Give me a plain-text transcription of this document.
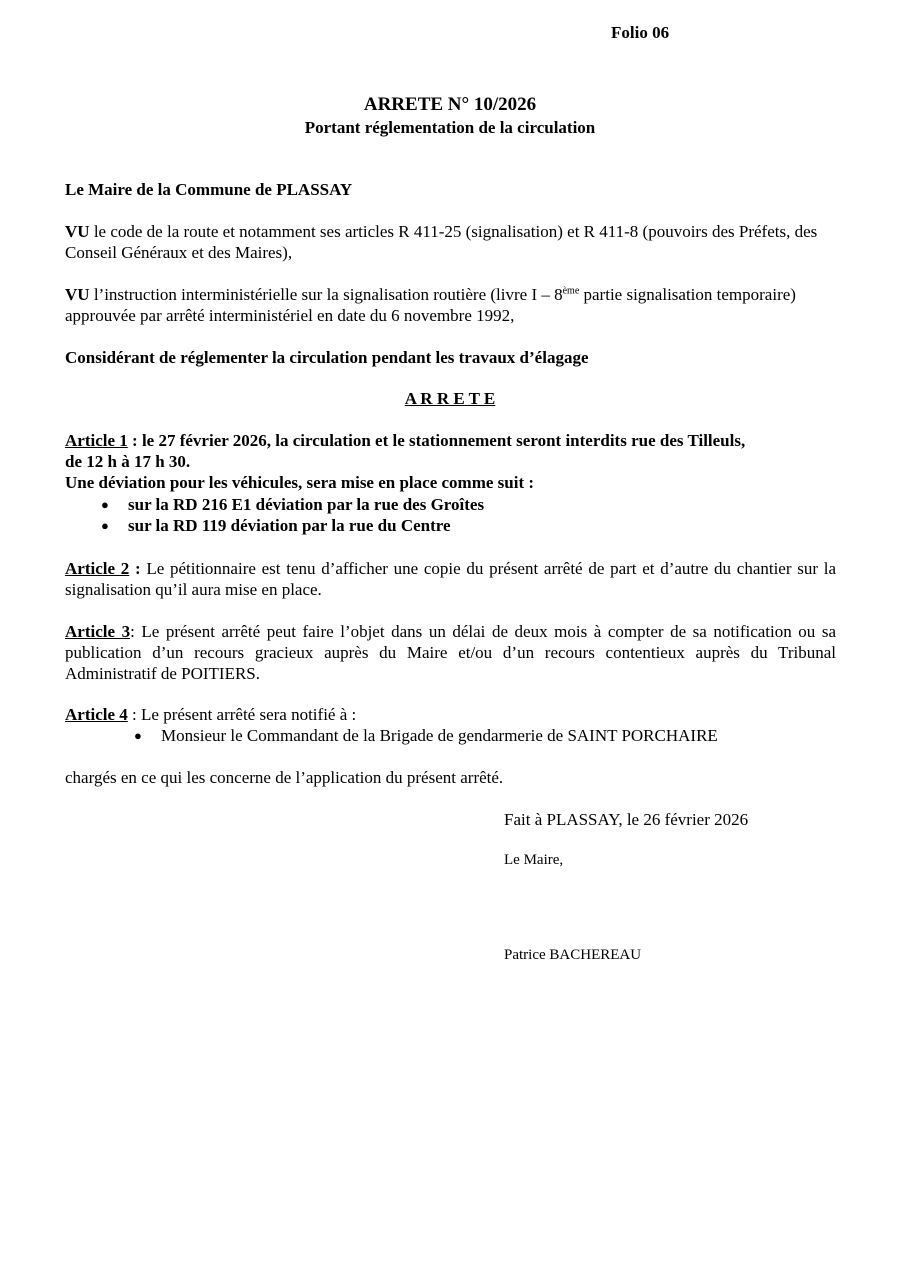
Folio 06
ARRETE N° 10/2026
Portant réglementation de la circulation
Le Maire de la Commune de PLASSAY
VU le code de la route et notamment ses articles R 411-25 (signalisation) et R 411-8 (pouvoirs des Préfets, des Conseil Généraux et des Maires),
VU l’instruction interministérielle sur la signalisation routière (livre I – 8ème partie signalisation temporaire) approuvée par arrêté interministériel en date du 6 novembre 1992,
Considérant de réglementer la circulation pendant les travaux d’élagage
A R R E T E
Article 1 : le 27 février 2026, la circulation et le stationnement seront interdits rue des Tilleuls,
de 12 h à 17 h 30.
Une déviation pour les véhicules, sera mise en place comme suit :
● sur la RD 216 E1 déviation par la rue des Groîtes
● sur la RD 119 déviation par la rue du Centre
Article 2 : Le pétitionnaire est tenu d’afficher une copie du présent arrêté de part et d’autre du chantier sur la signalisation qu’il aura mise en place.
Article 3: Le présent arrêté peut faire l’objet dans un délai de deux mois à compter de sa notification ou sa publication d’un recours gracieux auprès du Maire et/ou d’un recours contentieux auprès du Tribunal Administratif de POITIERS.
Article 4 : Le présent arrêté sera notifié à :
● Monsieur le Commandant de la Brigade de gendarmerie de SAINT PORCHAIRE
chargés en ce qui les concerne de l’application du présent arrêté.
Fait à PLASSAY, le 26 février 2026
Le Maire,
Patrice BACHEREAU
